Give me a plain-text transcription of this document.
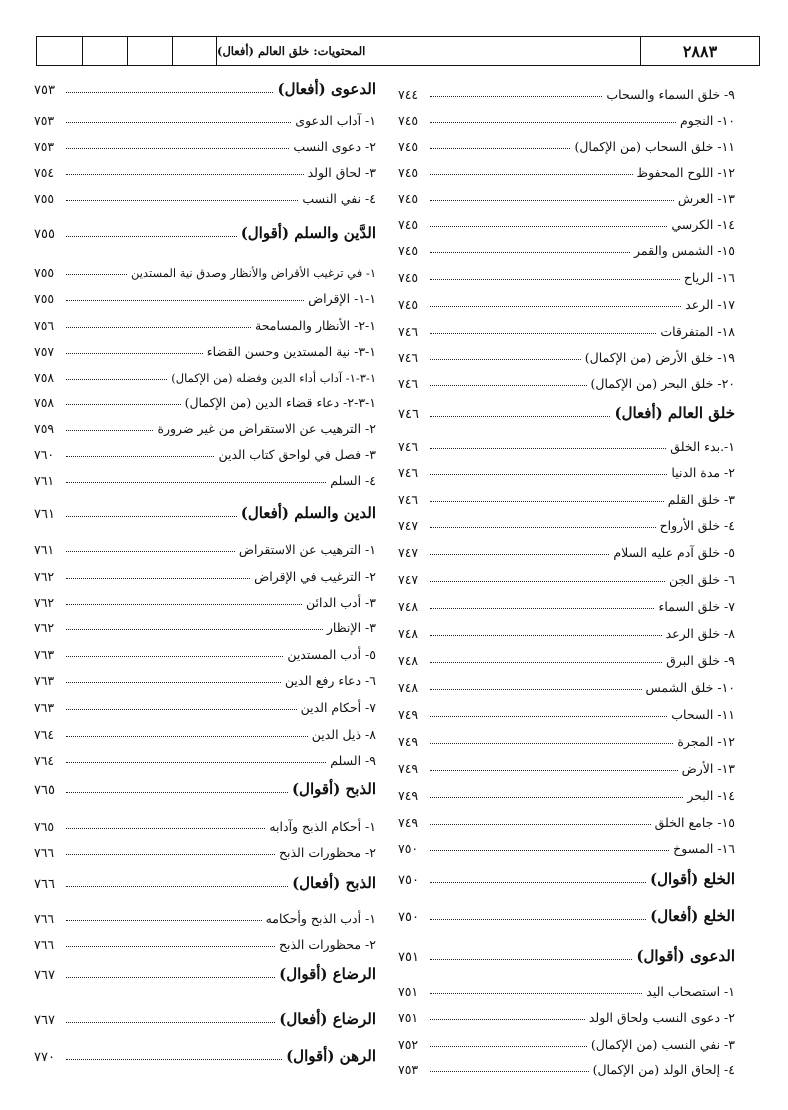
المحتويات: خلق العالم (أفعال)	٢٨٨٣
٩- خلق السماء والسحاب
٧٤٤
١٠- النجوم
٧٤٥
١١- خلق السحاب (من الإكمال)
٧٤٥
١٢- اللوح المحفوظ
٧٤٥
١٣- العرش
٧٤٥
١٤- الكرسي
٧٤٥
١٥- الشمس والقمر
٧٤٥
١٦- الرياح
٧٤٥
١٧- الرعد
٧٤٥
١٨- المتفرقات
٧٤٦
١٩- خلق الأرض (من الإكمال)
٧٤٦
٢٠- خلق البحر (من الإكمال)
٧٤٦
خلق العالم (أفعال)
٧٤٦
١-.بدء الخلق
٧٤٦
٢- مدة الدنيا
٧٤٦
٣- خلق القلم
٧٤٦
٤- خلق الأرواح
٧٤٧
٥- خلق آدم عليه السلام
٧٤٧
٦- خلق الجن
٧٤٧
٧- خلق السماء
٧٤٨
٨- خلق الرعد
٧٤٨
٩- خلق البرق
٧٤٨
١٠- خلق الشمس
٧٤٨
١١- السحاب
٧٤٩
١٢- المجرة
٧٤٩
١٣- الأرض
٧٤٩
١٤- البحر
٧٤٩
١٥- جامع الخلق
٧٤٩
١٦- المسوخ
٧٥٠
الخلع (أقوال)
٧٥٠
الخلع (أفعال)
٧٥٠
الدعوى (أقوال)
٧٥١
١- استصحاب اليد
٧٥١
٢- دعوى النسب ولحاق الولد
٧٥١
٣- نفي النسب (من الإكمال)
٧٥٢
٤- إلحاق الولد (من الإكمال)
٧٥٣
الدعوى (أفعال)
٧٥٣
١- آداب الدعوى
٧٥٣
٢- دعوى النسب
٧٥٣
٣- لحاق الولد
٧٥٤
٤- نفي النسب
٧٥٥
الدَّين والسلم (أقوال)
٧٥٥
١- في ترغيب الأقراض والأنظار وصدق نية المستدين
٧٥٥
١-١- الإقراض
٧٥٥
١-٢- الأنظار والمسامحة
٧٥٦
١-٣- نية المستدين وحسن القضاء
٧٥٧
١-٣-١- آداب أداء الدين وفضله (من الإكمال)
٧٥٨
١-٣-٢- دعاء قضاء الدين (من الإكمال)
٧٥٨
٢- الترهيب عن الاستقراض من غير ضرورة
٧٥٩
٣- فصل في لواحق كتاب الدين
٧٦٠
٤- السلم
٧٦١
الدين والسلم (أفعال)
٧٦١
١- الترهيب عن الاستقراض
٧٦١
٢- الترغيب في الإقراض
٧٦٢
٣- أدب الدائن
٧٦٢
٣- الإنظار
٧٦٢
٥- أدب المستدين
٧٦٣
٦- دعاء رفع الدين
٧٦٣
٧- أحكام الدين
٧٦٣
٨- ذيل الدين
٧٦٤
٩- السلم
٧٦٤
الذبح (أقوال)
٧٦٥
١- أحكام الذبح وآدابه
٧٦٥
٢- محظورات الذبح
٧٦٦
الذبح (أفعال)
٧٦٦
١- أدب الذبح وأحكامه
٧٦٦
٢- محظورات الذبح
٧٦٦
الرضاع (أقوال)
٧٦٧
الرضاع (أفعال)
٧٦٧
الرهن (أقوال)
٧٧٠
